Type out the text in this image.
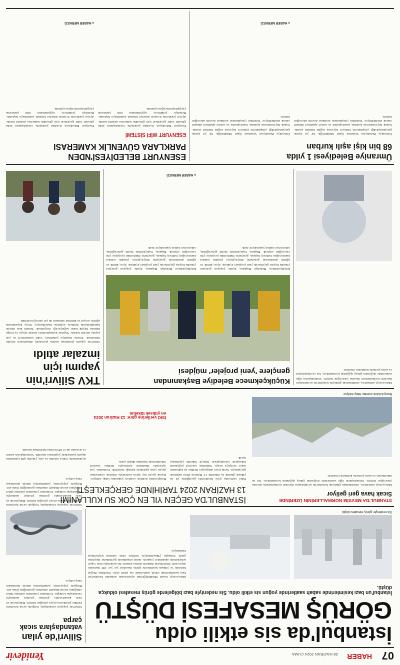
07
HABER
28 HAZİRAN 2024 CUMA
Yenidevir
İstanbul'da sis etkili oldu
GÖRÜŞ MESAFESİ DÜŞTÜ
İstanbul'un bazı kesimlerinde sabah saatlerinde yoğun sis etkili oldu. Sis nedeniyle bazı bölgelerde görüş mesafesi oldukça düştü.
Silivri'de yılan
vatandaşlara sıcak çarpa
Silivri'de yaşayan vatandaşlar, bölgede sıcak havalarla birlikte yılanların ortaya çıktığını belirtti. Bahçelerde ve tarla kenarlarında görülen yılanlar nedeniyle vatandaşlar tedirgin. Uzmanlar yılanların zehirsiz türler olduğunu ancak dikkatli olunması gerektiğini ifade etti. Bölgede yaşayanlar, yetkililerden önlem alınmasını talep ediyor.
Silivri'de yaşayan vatandaşlar, bölgede sıcak havalarla birlikte yılanların ortaya çıktığını belirtti. Bahçelerde ve tarla kenarlarında görülen yılanlar nedeniyle vatandaşlar tedirgin. Uzmanlar yılanların zehirsiz türler olduğunu ancak dikkatli olunması gerektiğini ifade etti. Bölgede yaşayanlar, yetkililerden önlem alınmasını talep ediyor.
Sis nedeniyle görüş mesafesi düştü
Meteoroloji Genel Müdürlüğü'nün uyarılarının ardından İstanbul'un bazı kesimlerinde sabah saatlerinde sis etkili oldu. Özellikle Boğaz hattında ve yüksek kesimlerde görüş mesafesi yer yer 100 metrenin altına indi. Sürücülerin dikkatli olması istendi. Sis nedeniyle bazı vapur seferlerinde aksamalar yaşandı, deniz ulaşımında gecikmeler meydana geldi. Güneşin yükselmesiyle birlikte sisin etkisini kaybetmesi bekleniyor.
STANBUL'DA MEVSİM NORMALLERİNİN ÜZERİNDE
Sıcak hava geri geliyor
Meteoroloji uzmanları, önümüzdeki günlerde İstanbul'da sıcaklıkların mevsim normallerinin üzerine çıkacağını belirtti. Vatandaşların öğle saatlerinde doğrudan güneş ışığından korunmaları, bol su tüketmeleri ve serin yerlerde kalmaları önerildi.
İSTANBUL'DA GEÇEN YIL EN ÇOK SU KULLANIMI
13 HAZİRAN 2024 TARİHİNDE GERÇEKLEŞTİ
İSKİ verilerine göre İstanbul'da geçtiğimiz yıl en yüksek günlük su tüketimi 13 Haziran 2024 tarihinde gerçekleşti. Sıcak hava dalgasıyla birlikte su kullanımı rekor seviyeye ulaştı. Yetkililer, tasarruf çağrısında bulunarak vatandaşların bilinçli tüketim yapmasını istedi.
Barajlardaki doluluk oranları yakından takip ediliyor. Kurak geçen kış ayları nedeniyle doluluk oranlarının geçen yılın gerisinde kaldığı belirtildi. Uzmanlar, yaz aylarında tüketimin artmasıyla birlikte tasarruf önlemlerinin önemine dikkat çekti.
İSKİ verilerine göre: 13 Haziran 2024 en yüksek tüketim
Açıklamada, bahçe sulama ve araç yıkama gibi işlemlerin akşam saatlerinde yapılması önerildi. Vatandaşların sızıntı ve arızaları ALO 185 hattına bildirmesi istendi.
Baraj doluluk oranları takip ediliyor
TKV Silivri'nin
yapımı için
imzalar atıldı
Silivri'de yapımı planlanan tesisin protokolü düzenlenen törenle imzalandı. Törene belediye yetkilileri, vakıf temsilcileri ve çok sayıda davetli katıldı. Yapılan konuşmalarda tesisin ilçeye ve bölge halkına büyük katkı sağlayacağı vurgulandı. Tesisin kısa sürede tamamlanarak hizmete açılması hedefleniyor. Proje kapsamında eğitim, sosyal ve kültürel alanların da yer alacağı belirtildi.
Küçükçekmece Belediye Başkanından
gençlere 'yeni projeler' müjdesi
Küçükçekmece Belediye Başkanı, ilçede yaşayan gençlere yönelik hayata geçirilecek yeni projeleri açıkladı. Spor, kültür ve eğitim alanlarında gençlerin ihtiyaçlarına yönelik tesisler kurulacağını belirten başkan, gençlerin fikirlerinin projelere yön vereceğini söyledi. Başkan, 'Gençlerimiz bizim geleceğimiz, onların her zaman yanındayız' dedi.
Küçükçekmece Belediye Başkanı, ilçede yaşayan gençlere yönelik hayata geçirilecek yeni projeleri açıkladı. Spor, kültür ve eğitim alanlarında gençlerin ihtiyaçlarına yönelik tesisler kurulacağını belirten başkan, gençlerin fikirlerinin projelere yön vereceğini söyledi. Başkan, 'Gençlerimiz bizim geleceğimiz, onların her zaman yanındayız' dedi.
● HABER MERKEZİ
Meteoroloji uzmanları, önümüzdeki günlerde İstanbul'da sıcaklıkların mevsim normallerinin üzerine çıkacağını belirtti. Vatandaşların öğle saatlerinde doğrudan güneş ışığından korunmaları, bol su tüketmeleri ve serin yerlerde kalmaları önerildi.
ESENYURT BELEDİYESİ'NDEN
PARKLARA GÜVENLİK KAMERASI
ESENYURT WİFİ SİSTEMİ
Esenyurt Belediyesi, ilçedeki parklarda vatandaşların daha güvenli vakit geçirmesi için güvenlik kamerası sistemi kurdu. Ayrıca parklarda ücretsiz internet hizmeti sunulmaya başlandı. Belediye yetkilileri, uygulamanın tüm parklarda yaygınlaştırılacağını açıkladı.
Esenyurt Belediyesi, ilçedeki parklarda vatandaşların daha güvenli vakit geçirmesi için güvenlik kamerası sistemi kurdu. Ayrıca parklarda ücretsiz internet hizmeti sunulmaya başlandı. Belediye yetkilileri, uygulamanın tüm parklarda yaygınlaştırılacağını açıkladı.
● HABER MERKEZİ
Ümraniye Belediyesi 1 yılda
68 bin kişi aşılı kurban
Ümraniye Belediyesi Veteriner İşleri Müdürlüğü, bir yıl içinde gerçekleştirdiği çalışmalarla binlerce hayvana sağlık hizmeti sundu. Sokak hayvanlarının aşılama, kısırlaştırma ve tedavi işlemleri düzenli olarak sürdürülüyor. Yetkililer çalışmaların aralıksız devam edeceğini belirtti.
Ümraniye Belediyesi Veteriner İşleri Müdürlüğü, bir yıl içinde gerçekleştirdiği çalışmalarla binlerce hayvana sağlık hizmeti sundu. Sokak hayvanlarının aşılama, kısırlaştırma ve tedavi işlemleri düzenli olarak sürdürülüyor. Yetkililer çalışmaların aralıksız devam edeceğini belirtti.
● HABER MERKEZİ
